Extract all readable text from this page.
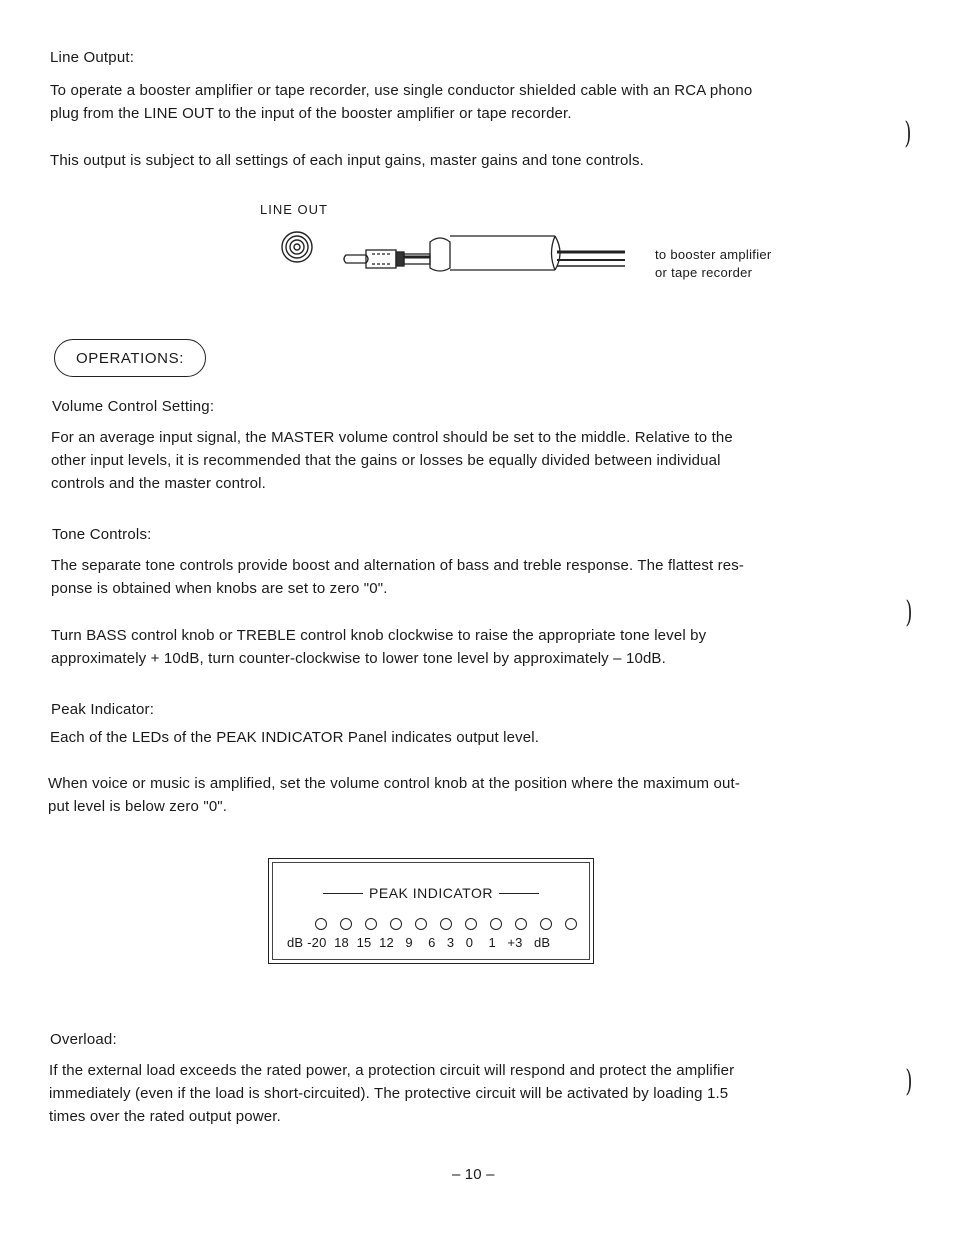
Line Output:
To operate a booster amplifier or tape recorder, use single conductor shielded cable with an RCA phono
plug from the LINE OUT to the input of the booster amplifier or tape recorder.
This output is subject to all settings of each input gains, master gains and tone controls.
LINE OUT
to booster amplifier
or tape recorder
OPERATIONS:
Volume Control Setting:
For an average input signal, the MASTER volume control should be set to the middle. Relative to the
other input levels, it is recommended that the gains or losses be equally divided between individual
controls and the master control.
Tone Controls:
The separate tone controls provide boost and alternation of bass and treble response. The flattest res-
ponse is obtained when knobs are set to zero "0".
Turn BASS control knob or TREBLE control knob clockwise to raise the appropriate tone level by
approximately + 10dB, turn counter-clockwise to lower tone level by approximately – 10dB.
Peak Indicator:
Each of the LEDs of the PEAK INDICATOR Panel indicates output level.
When voice or music is amplified, set the volume control knob at the position where the maximum out-
put level is below zero "0".
PEAK INDICATOR
dB -20  18  15  12   9    6   3   0    1   +3   dB
Overload:
If the external load exceeds the rated power, a protection circuit will respond and protect the amplifier
immediately (even if the load is short-circuited). The protective circuit will be activated by loading 1.5
times over the rated output power.
– 10 –
)
)
)
